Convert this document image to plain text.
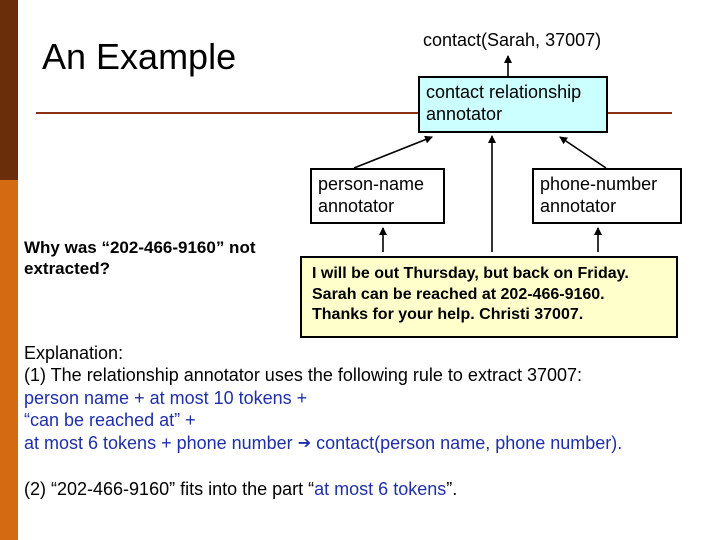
An Example	contact(Sarah, 37007)
contact relationship annotator
person-name annotator
phone-number annotator
Why was “202-466-9160” not extracted?	I will be out Thursday, but back on Friday.
Sarah can be reached at 202-466-9160.
Thanks for your help. Christi 37007.
Explanation:
(1) The relationship annotator uses the following rule to extract 37007:
person name + at most 10 tokens +
“can be reached at” +
at most 6 tokens + phone number ➔ contact(person name, phone number).
(2) “202-466-9160” fits into the part “at most 6 tokens”.
